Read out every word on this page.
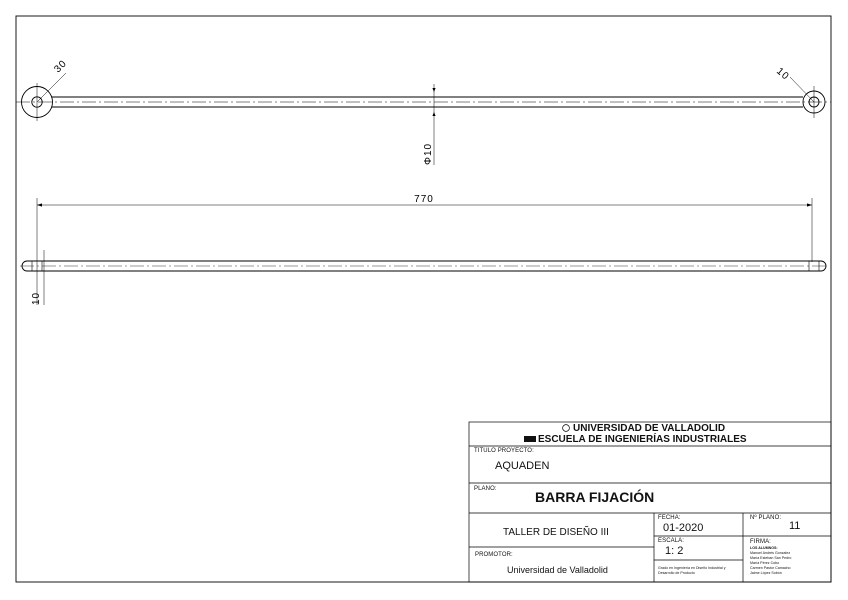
30	10
Φ10
770
10
UNIVERSIDAD DE VALLADOLID
ESCUELA DE INGENIERÍAS INDUSTRIALES
TITULO PROYECTO:
AQUADEN
PLANO:	BARRA FIJACIÓN
TALLER DE DISEÑO III
FECHA:
01-2020
ESCALA:
1: 2
Nº PLANO:
11
FIRMA:
LOS ALUMNOS:
Manuel Andrés Gonzalez
María Esteban San Pedro
María Pérez Cobo
Carmen Pastor Camacho
Jaime López Sobón
Grado en Ingeniería en Diseño Industrial y
Desarrollo de Producto
PROMOTOR:
Universidad de Valladolid
